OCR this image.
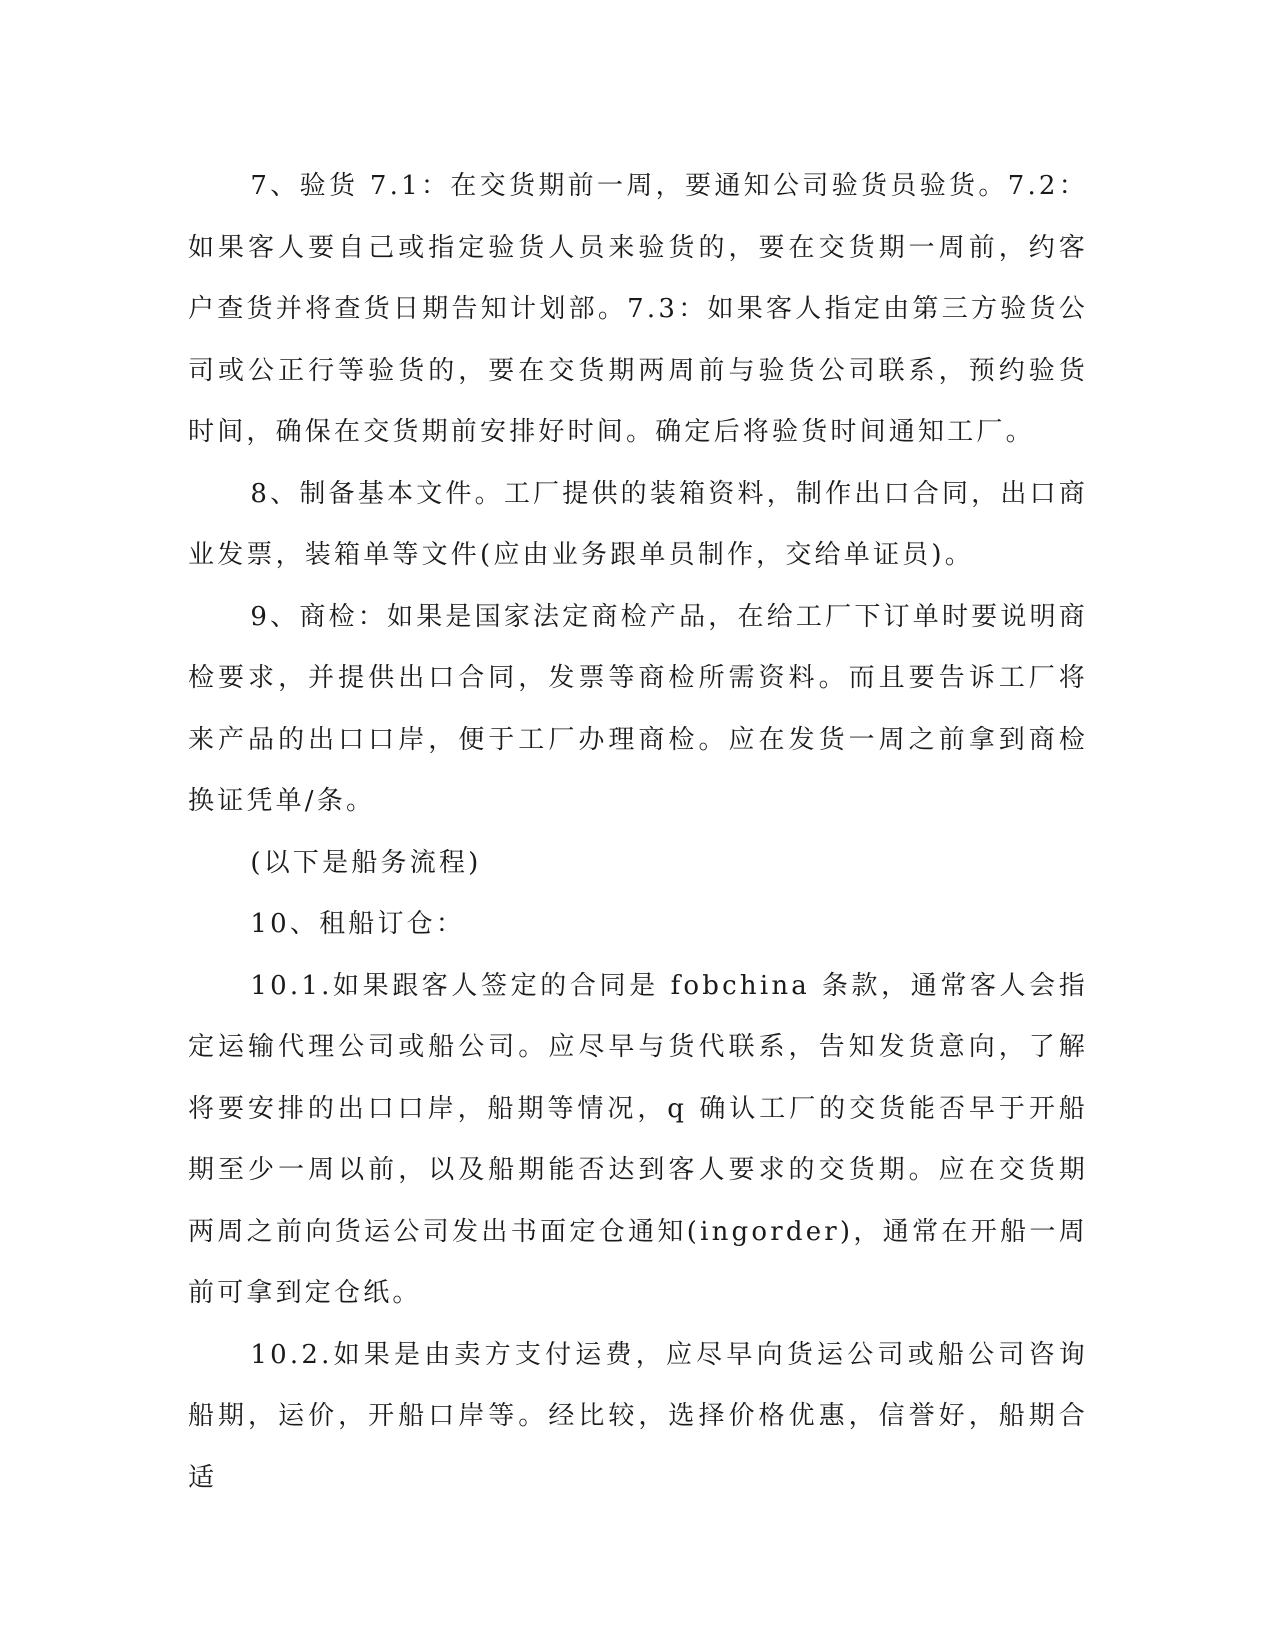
7、验货 7.1：在交货期前一周，要通知公司验货员验货。7.2：如果客人要自己或指定验货人员来验货的，要在交货期一周前，约客户查货并将查货日期告知计划部。7.3：如果客人指定由第三方验货公司或公正行等验货的，要在交货期两周前与验货公司联系，预约验货时间，确保在交货期前安排好时间。确定后将验货时间通知工厂。

8、制备基本文件。工厂提供的装箱资料，制作出口合同，出口商业发票，装箱单等文件(应由业务跟单员制作，交给单证员)。

9、商检：如果是国家法定商检产品，在给工厂下订单时要说明商检要求，并提供出口合同，发票等商检所需资料。而且要告诉工厂将来产品的出口口岸，便于工厂办理商检。应在发货一周之前拿到商检换证凭单/条。

(以下是船务流程)

10、租船订仓：

10.1.如果跟客人签定的合同是 fobchina 条款，通常客人会指定运输代理公司或船公司。应尽早与货代联系，告知发货意向，了解将要安排的出口口岸，船期等情况，q 确认工厂的交货能否早于开船期至少一周以前，以及船期能否达到客人要求的交货期。应在交货期两周之前向货运公司发出书面定仓通知(ingorder)，通常在开船一周前可拿到定仓纸。

10.2.如果是由卖方支付运费，应尽早向货运公司或船公司咨询船期，运价，开船口岸等。经比较，选择价格优惠，信誉好，船期合适
